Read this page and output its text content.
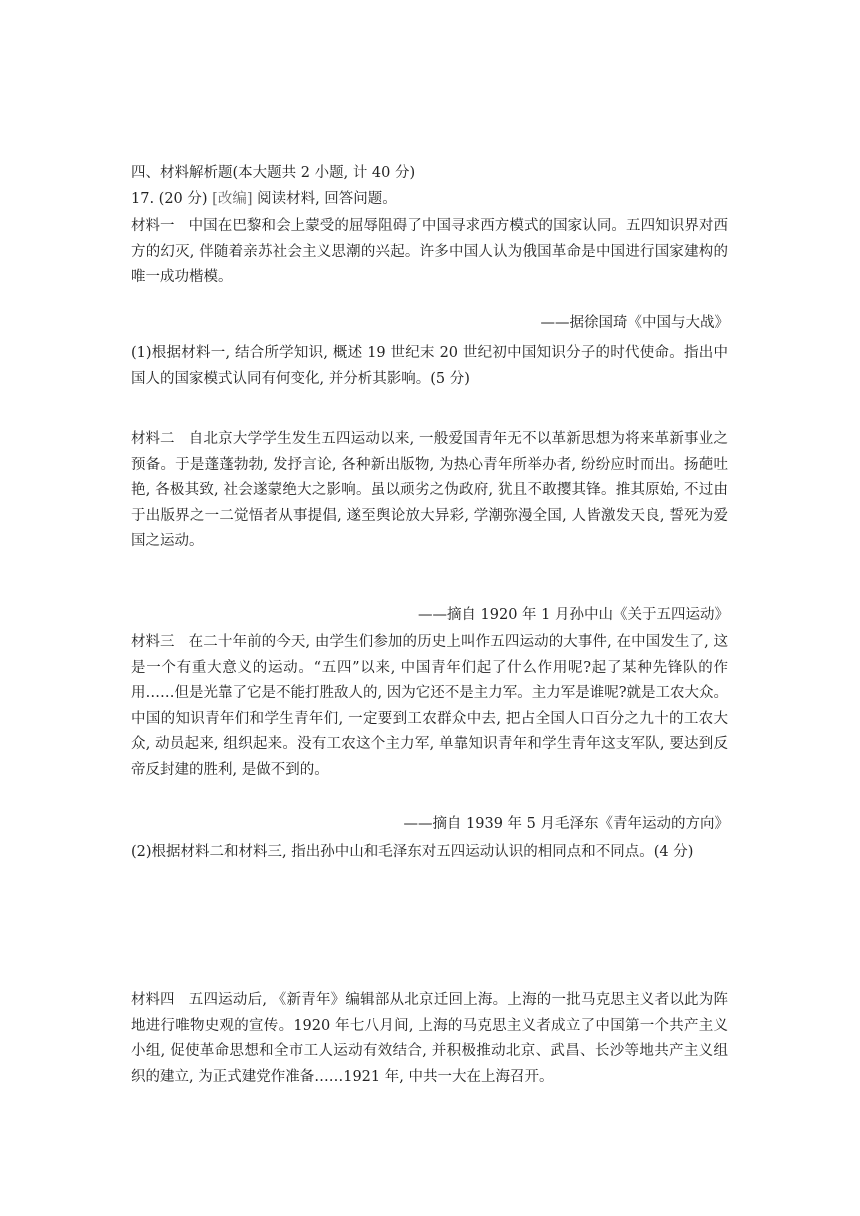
四、材料解析题(本大题共 2 小题, 计 40 分)
17. (20 分) [改编] 阅读材料, 回答问题。
材料一 中国在巴黎和会上蒙受的屈辱阻碍了中国寻求西方模式的国家认同。五四知识界对西方的幻灭, 伴随着亲苏社会主义思潮的兴起。许多中国人认为俄国革命是中国进行国家建构的唯一成功楷模。
——据徐国琦《中国与大战》
(1)根据材料一, 结合所学知识, 概述 19 世纪末 20 世纪初中国知识分子的时代使命。指出中国人的国家模式认同有何变化, 并分析其影响。(5 分)
材料二 自北京大学学生发生五四运动以来, 一般爱国青年无不以革新思想为将来革新事业之预备。于是蓬蓬勃勃, 发抒言论, 各种新出版物, 为热心青年所举办者, 纷纷应时而出。扬葩吐艳, 各极其致, 社会遂蒙绝大之影响。虽以顽劣之伪政府, 犹且不敢撄其锋。推其原始, 不过由于出版界之一二觉悟者从事提倡, 遂至舆论放大异彩, 学潮弥漫全国, 人皆激发天良, 誓死为爱国之运动。
——摘自 1920 年 1 月孙中山《关于五四运动》
材料三 在二十年前的今天, 由学生们参加的历史上叫作五四运动的大事件, 在中国发生了, 这是一个有重大意义的运动。“五四”以来, 中国青年们起了什么作用呢?起了某种先锋队的作用……但是光靠了它是不能打胜敌人的, 因为它还不是主力军。主力军是谁呢?就是工农大众。中国的知识青年们和学生青年们, 一定要到工农群众中去, 把占全国人口百分之九十的工农大众, 动员起来, 组织起来。没有工农这个主力军, 单靠知识青年和学生青年这支军队, 要达到反帝反封建的胜利, 是做不到的。
——摘自 1939 年 5 月毛泽东《青年运动的方向》
(2)根据材料二和材料三, 指出孙中山和毛泽东对五四运动认识的相同点和不同点。(4 分)
材料四 五四运动后, 《新青年》编辑部从北京迁回上海。上海的一批马克思主义者以此为阵地进行唯物史观的宣传。1920 年七八月间, 上海的马克思主义者成立了中国第一个共产主义小组, 促使革命思想和全市工人运动有效结合, 并积极推动北京、武昌、长沙等地共产主义组织的建立, 为正式建党作准备……1921 年, 中共一大在上海召开。
